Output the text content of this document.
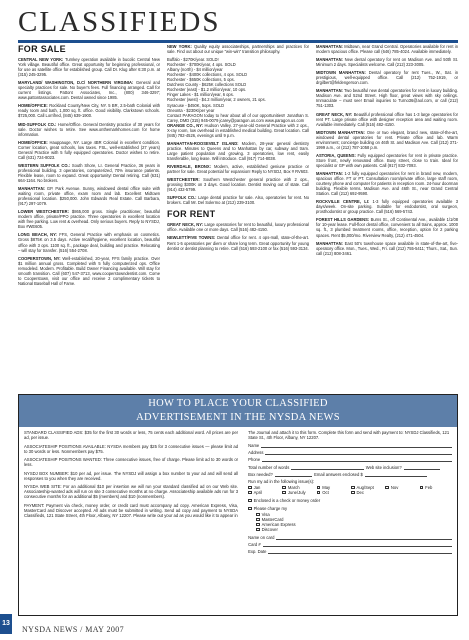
CLASSIFIEDS
FOR SALE

CENTRAL NEW YORK: Turnkey operation available in bucolic Central New York village. Beautiful office. Great opportunity for beginning professional, or for use as satellite office for established group. Call Dr. Klug after 6:30 p.m. at (315) 245-3295.

MARYLAND/ WASHINGTON, D.C/ NORTHERN VIRGINIA: General and specialty practices for sale. No buyer's fees. Full financing arranged. Call for current listings. Pattont Associates, Inc., (800) 346-3297; www.pattontassociates.com. Dental owned since 1985.

HOME/OFFICE: Rockland County/New City, NY. 5 BR, 2.5-bath Colonial with ready room and bath, 1,000 sq. ft. office. Good visibility. Clarkstown schools. $725,000. Call Lorrifred, (845) 639-1900.

MID-SUFFOLK CO.: Home/Office. General Dentistry practice of 30 years for sale. Doctor wishes to retire. See www.onthemarkhomes.com for home information.

HOME/OFFICE: Hauppauge, NY. Large 4BR Colonial in excellent condition. Corner location, great schools, low taxes. FSL, well-established (27 years) General Practice with 5 fully equipped operatories. Doctor wishes to retire. Call (631) 724-8023.

WESTERN SUFFOLK CO.: South Shore, LI. General Practice, 36 years in professional building. 3 operatories, computerized, 70% insurance patients. Flexible lease, room to expand. Great opportunity! Dental retiring. Call (631) 664-1164. No brokers.

MANHATTAN: GP. Park Avenue. Sunny, windowed dental office suite with waiting room, private office, exam room and lab. Excellent Midtown professional location. $250,000. John Edwards Real Estate. Call Barbara, (917) 297-1079.

LOWER WESTCHESTER: $865,000 gross. Single practitioner, beautiful modern office, private/PPO practice. Three operatories in excellent location with free parking. Low rent & overhead. Only serious buyers. Reply to NYSDJ, Box #WE605.

LONG BEACH, NY: FFS, General Practice with emphasis on cosmetics. Gross $875K on 3.5 days. Active recall/hygiene, excellent location, beautiful office with 3 ops. 1100 sq. ft., package deal, building and practice. Relocating – will stay for transfer. (516) 554-2708.

COOPERSTOWN, NY: Well-established, 20-year, FFS family practice. Over $1 million annual gross. Completed with 5 fully computerized ops. Office remodeled. Modern. Profitable. Build Owner Financing available. Will stay for smooth transition. Call (607) 547-3713, www.cooperstowndentist.com. Come to Cooperstown, visit our office and receive 2 complimentary tickets to National Baseball Hall of Fame.

NEW YORK: Quality equity associateships, partnerships and practices for sale. Find out about our unique "win-win" transition philosophy.

Buffalo - $270K/year. SOLD!

Rochester - $700K/year, 4 ops. SOLD

Albany (north) - $4 million/year

Rochester - $400K collections, 4 ops. SOLD

Rochester - $650K collections, 5 ops.

Dutchess County - $625K collections SOLD

Rochester (east) - $1.2 million/year, 10 ops.

Finger Lakes - $1 million/year, 6 ops.

Rochester (west) - $4.2 million/year, 2 owners, 21 ops.

Syracuse - $450K, 5ops. SOLD

Oneonta - $230K/per year

Contact PARAGON today to hear about all of our opportunities!! Jonathan S. Carey, DMD (315) 945-0079 jcarey@paragon.us.com www.paragon.us.com

ORANGE CO., NY: Hudson Valley. 27-year-old General Practice with 2 ops., X-ray room, low overhead in established medical building. Great location. Call (845) 782-4526, evenings until 9 p.m.

MANHATTAN-ROOSEVELT ISLAND: Modern, 28-year general dentistry practice. Minutes to Queens and to Manhattan by car, subway and tram. Large patient population and growing. 3 operatories, low rent, easily transferable, long lease. Will introduce. Call (917) 714-8038.

RIVERDALE, BRONX: Modern, active, established geniune practice or partner for sale. Great potential for expansion! Reply to NYSDJ, Box # RV603.

WESTCHESTER: Southern Westchester general practice with 2 ops., grossing $300K on 3 days. Good location. Dentist moving out of state. Call (914) 432-5799.

SUFFOLK CO.: Large dental practice for sale. Also, operatories for rent. No brokers. Call Mr. Del Solermo at (212) 239-3100.

FOR RENT

GREAT NECK, NY: Large operatories for rent to beautiful, luxury professional office. Available one or more days. Call (516) 482-4150.

NEWLETT/FIVE TOWNS: Dental office for rent. 4 ops-mall, state-of-the-art. Rent 1-5 operatories per diem or share long term. Great opportunity for young dentist or dentist planning to retire. Call (516) 593-2100 or fax (516) 593-3134.

MANHATTAN: Midtown, near Grand Central. Operatories available for rent in modern spacious office. Please call (646) 785-4024. Available immediately.

MANHATTAN: New dental operatory for rent on Madison Ave. and 50th St. Minimum 2 days. Specialists welcome. Call (212) 223-3005.

MIDTOWN MANHATTAN: Dental operatory for rent Tues., W., Sat. in prestigious, well-equipped office. Call (212) 752-1919, or drgilbert@feldengerson.com.

MANHATTAN: Two beautiful new dental operatories for rent in luxury building. Madison Ave. and 52nd Street. High floor, great views with sky ceilings. Immaculate – must see! Email inquiries to Turno36@aol.com, or call (212) 751-1303.

GREAT NECK, NY: Beautiful professional office has 1-3 large operatories for rent PT. Large private office with designer reception area and waiting room. Available immediately. Call (516) 482-4150.

MIDTOWN MANHATTAN: One or two elegant, brand new, state-of-the-art, windowed dental operatories for rent. Private office and lab. Warm environment; concierge building on 46th St. and Madison Ave. Call (212) 371-1999 a.m., or (212) 787-1058 p.m.

ASTORIA, QUEENS: Fully equipped operatories for rent in private practice. Store front, newly renovated office. Busy street, close to train. Ideal for specialist or GP with own patients. Call (917) 832-7093.

MANHATTAN: 1-2 fully equipped operatories for rent in brand new, modern, spacious office. FT or PT. Consultation room/private office, large staff room, courtesy phone and computer for patients in reception room. 24-hour doorman building. Flexible terms. Madison Ave. and 46th St., near Grand Central Station. Call (212) 692-9590.

ROCKVILLE CENTRE, LI: 1-3 fully equipped operatories available 3 days/week. On-site parking. Suitable for endodontist, oral surgeon, prosthodontist or group practice. Call (516) 569-5743.

FOREST HILLS GARDENS: Burns St., off Continental Ave., available 1/1/08 for 10-year lease. Full-floor dental office, convenient to all trains, approx. 1000 sq. ft., 3 plumbed treatment rooms, office, reception, option for 2 parking spaces. Rent $5,000/mo. Riverview Realty, (212) 471-4504.

MANHATTAN: East 50's townhouse space available in state-of-the-art, five-operatory office. Mon., Tues., Wed., Fri. call (212) 755-5411; Thurs., Sat., Sun. call (212) 808-3461.

HOW TO PLACE YOUR CLASSIFIED
ADVERTISEMENT IN THE NYSDA NEWS

STANDARD CLASSIFIED ADS: $35 for the first 30 words or less, 75 cents each additional word. All prices are per ad, per issue.

ASSOCIATESHIP POSITIONS AVAILABLE: NYSDA members pay $25 for 3 consecutive issues — please limit ad to 30 words or less. Nonmembers pay $75.

ASSOCIATESHIP POSITIONS WANTED: Three consecutive issues, free of charge. Please limit ad to 30 words or less.

NYSDJ BOX NUMBER: $10 per ad, per issue. The NYSDJ will assign a box number to your ad and will send all responses to you when they are received.

NYSDA WEB SITE: For an additional $10 per insertion we will run your standard classified ad on our Web site. Associateship-wanted ads will run on site 3 consecutive months at no charge. Associateship available ads run for 3 consecutive months for an additional $5 (members) and $10 (nonmembers).

PAYMENT: Payment via check, money order, or credit card must accompany ad copy. American Express, Visa, MasterCard and Discover accepted. All ads must be submitted in writing. Send ad copy and payment to NYSDA Classifieds, 121 State Street, 4th Floor, Albany, NY 12207. Please write out your ad as you would like it to appear in

The Journal and attach it to this form. Complete this form and send with payment to: NYSDJ Classifieds, 121 State St., 4th Floor, Albany, NY 12207.

Name
Address
Phone
Total number of words	Web site inclusion?
Box needed?	Email answers enclosed $
Run my ad in the following issue(s):
Jan	March	May	Aug/Sept	Nov	Feb
April	June/July	Oct	Dec
Enclosed is a check or money order
Please charge my
Visa
MasterCard
American Express
Discover
Name on card
Card #
Exp. Date
13
NYSDA NEWS / MAY 2007
